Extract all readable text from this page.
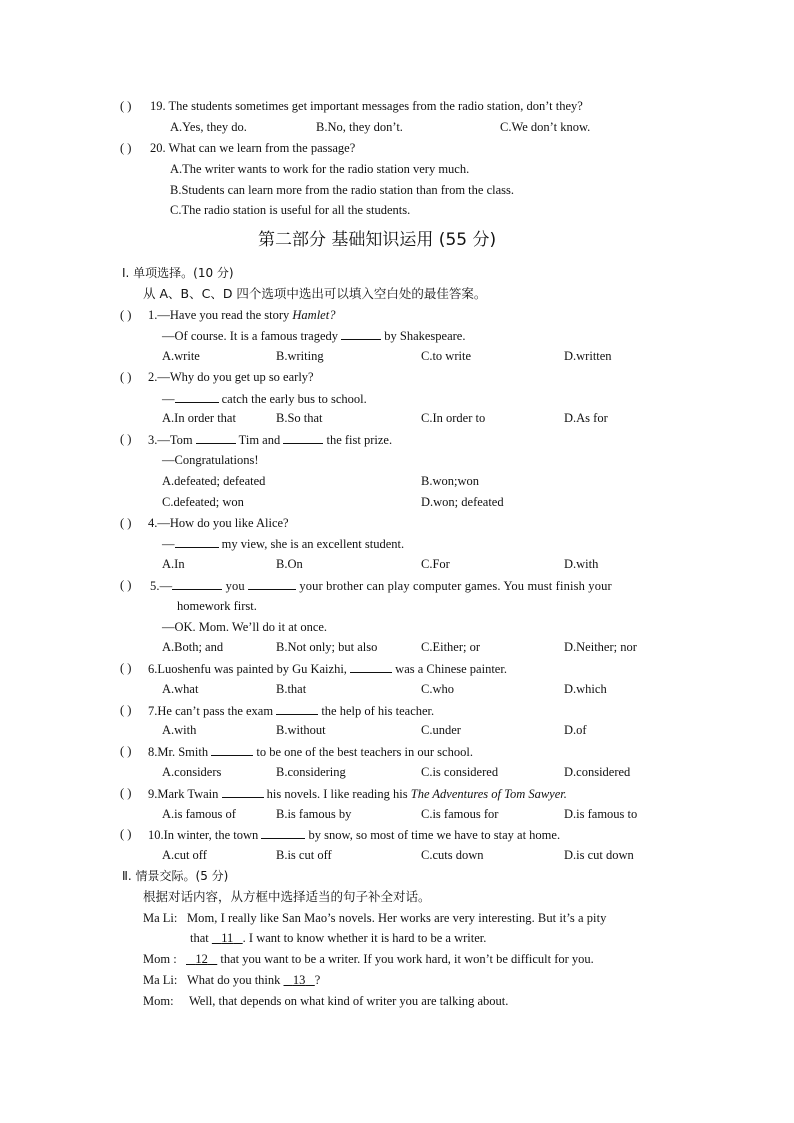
( ) 19. The students sometimes get important messages from the radio station, don’t they?
A.Yes, they do.	B.No, they don’t.	C.We don’t know.
( ) 20. What can we learn from the passage?
A.The writer wants to work for the radio station very much.
B.Students can learn more from the radio station than from the class.
C.The radio station is useful for all the students.
第二部分 基础知识运用 (55 分)
Ⅰ. 单项选择。(10 分)
从 A、B、C、D 四个选项中选出可以填入空白处的最佳答案。
( ) 1.—Have you read the story Hamlet?
—Of course. It is a famous tragedy	by Shakespeare.
A.write	B.writing	C.to write	D.written
( ) 2.—Why do you get up so early?
—	catch the early bus to school.
A.In order that	B.So that	C.In order to	D.As for
( ) 3.—Tom	Tim and	the fist prize.
—Congratulations!
A.defeated; defeated	B.won;won
C.defeated; won	D.won; defeated
( ) 4.—How do you like Alice?
—	my view, she is an excellent student.
A.In	B.On	C.For	D.with
( ) 5.—	you	your brother can play computer games. You must finish your
homework first.
—OK. Mom. We’ll do it at once.
A.Both; and	B.Not only; but also	C.Either; or	D.Neither; nor
( ) 6.Luoshenfu was painted by Gu Kaizhi,	was a Chinese painter.
A.what	B.that	C.who	D.which
( ) 7.He can’t pass the exam	the help of his teacher.
A.with	B.without	C.under	D.of
( ) 8.Mr. Smith	to be one of the best teachers in our school.
A.considers	B.considering	C.is considered	D.considered
( ) 9.Mark Twain	his novels. I like reading his The Adventures of Tom Sawyer.
A.is famous of	B.is famous by	C.is famous for	D.is famous to
( ) 10.In winter, the town	by snow, so most of time we have to stay at home.
A.cut off	B.is cut off	C.cuts down	D.is cut down
Ⅱ. 情景交际。(5 分)
根据对话内容，从方框中选择适当的句子补全对话。
Ma Li: Mom, I really like San Mao’s novels. Her works are very interesting. But it’s a pity
that    11 . I want to know whether it is hard to be a writer.
Mom :	12    that you want to be a writer. If you work hard, it won’t be difficult for you.
Ma Li: What do you think    13 ?
Mom: Well, that depends on what kind of writer you are talking about.
